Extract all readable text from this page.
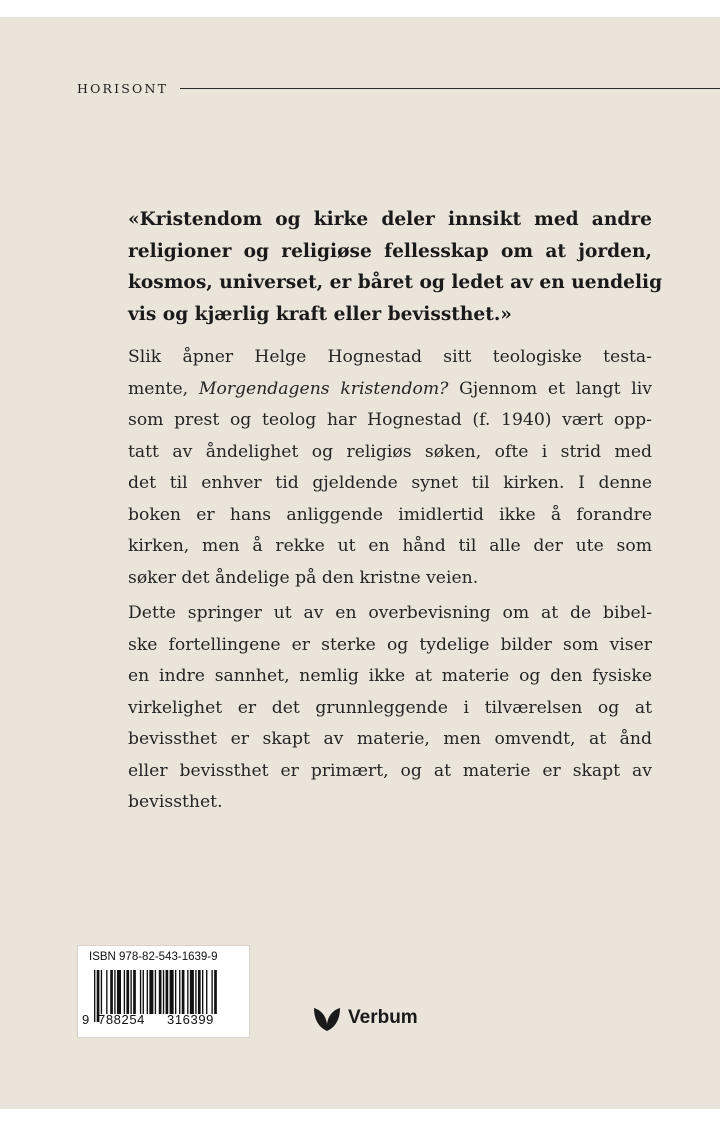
HORISONT
«Kristendom og kirke deler innsikt med andre
religioner og religiøse fellesskap om at jorden,
kosmos, universet, er båret og ledet av en uendelig
vis og kjærlig kraft eller bevissthet.»
Slik åpner Helge Hognestad sitt teologiske testa-
mente, Morgendagens kristendom? Gjennom et langt liv
som prest og teolog har Hognestad (f. 1940) vært opp-
tatt av åndelighet og religiøs søken, ofte i strid med
det til enhver tid gjeldende synet til kirken. I denne
boken er hans anliggende imidlertid ikke å forandre
kirken, men å rekke ut en hånd til alle der ute som
søker det åndelige på den kristne veien.
Dette springer ut av en overbevisning om at de bibel-
ske fortellingene er sterke og tydelige bilder som viser
en indre sannhet, nemlig ikke at materie og den fysiske
virkelighet er det grunnleggende i tilværelsen og at
bevissthet er skapt av materie, men omvendt, at ånd
eller bevissthet er primært, og at materie er skapt av
bevissthet.
ISBN 978-82-543-1639-9
9 788254 316399	Verbum
